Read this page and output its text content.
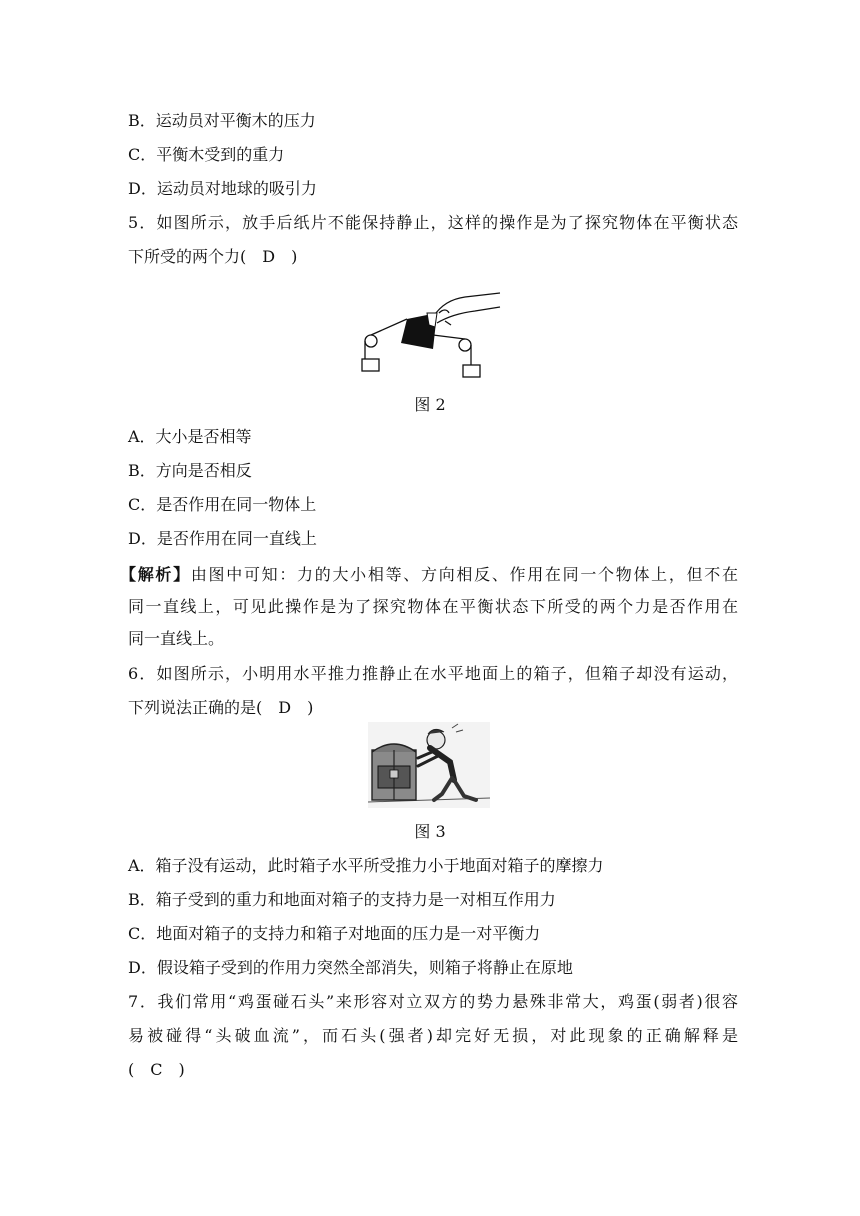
B．运动员对平衡木的压力
C．平衡木受到的重力
D．运动员对地球的吸引力
5．如图所示，放手后纸片不能保持静止，这样的操作是为了探究物体在平衡状态
下所受的两个力(　D　)
图 2
A．大小是否相等
B．方向是否相反
C．是否作用在同一物体上
D．是否作用在同一直线上
【解析】由图中可知：力的大小相等、方向相反、作用在同一个物体上，但不在
同一直线上，可见此操作是为了探究物体在平衡状态下所受的两个力是否作用在
同一直线上。
6．如图所示，小明用水平推力推静止在水平地面上的箱子，但箱子却没有运动，
下列说法正确的是(　D　)
图 3
A．箱子没有运动，此时箱子水平所受推力小于地面对箱子的摩擦力
B．箱子受到的重力和地面对箱子的支持力是一对相互作用力
C．地面对箱子的支持力和箱子对地面的压力是一对平衡力
D．假设箱子受到的作用力突然全部消失，则箱子将静止在原地
7．我们常用“鸡蛋碰石头”来形容对立双方的势力悬殊非常大，鸡蛋(弱者)很容
易被碰得“头破血流”，而石头(强者)却完好无损，对此现象的正确解释是
(　C　)
